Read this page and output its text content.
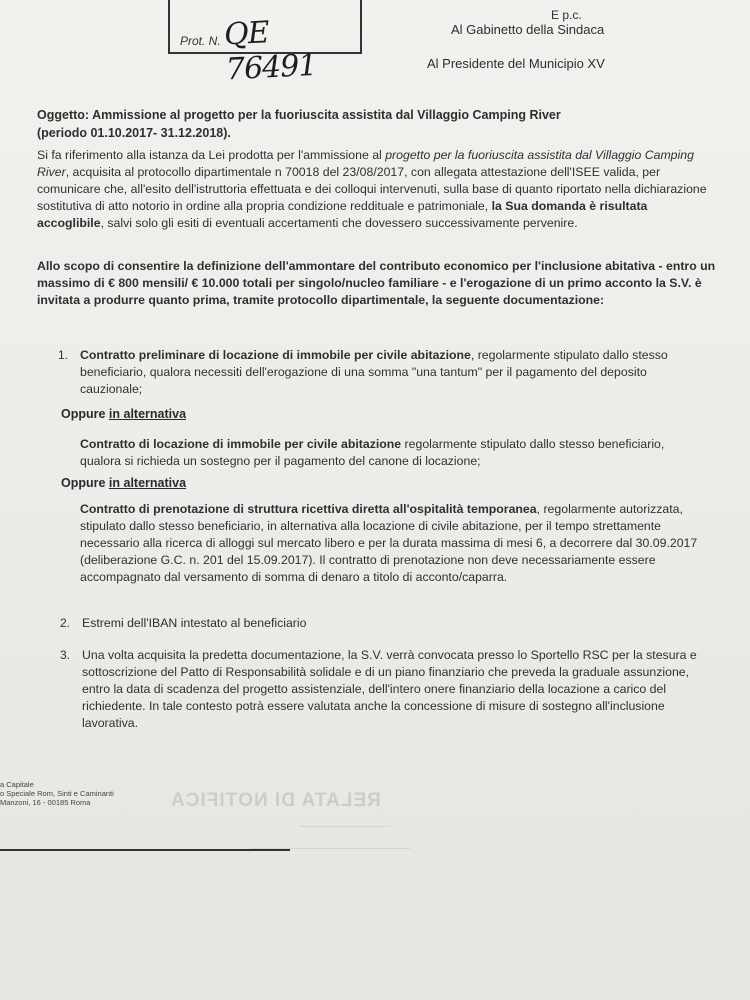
Prot. N. QE 76491
E p.c.
Al Gabinetto della Sindaca
Al Presidente del Municipio XV
Oggetto: Ammissione al progetto per la fuoriuscita assistita dal Villaggio Camping River
(periodo 01.10.2017- 31.12.2018).
Si fa riferimento alla istanza da Lei prodotta per l'ammissione al progetto per la fuoriuscita assistita dal Villaggio Camping River, acquisita al protocollo dipartimentale n 70018 del 23/08/2017, con allegata attestazione dell'ISEE valida, per comunicare che, all'esito dell'istruttoria effettuata e dei colloqui intervenuti, sulla base di quanto riportato nella dichiarazione sostitutiva di atto notorio in ordine alla propria condizione reddituale e patrimoniale, la Sua domanda è risultata accoglibile, salvi solo gli esiti di eventuali accertamenti che dovessero successivamente pervenire.
Allo scopo di consentire la definizione dell'ammontare del contributo economico per l'inclusione abitativa - entro un massimo di € 800 mensili/ € 10.000 totali per singolo/nucleo familiare - e l'erogazione di un primo acconto la S.V. è invitata a produrre quanto prima, tramite protocollo dipartimentale, la seguente documentazione:
1. Contratto preliminare di locazione di immobile per civile abitazione, regolarmente stipulato dallo stesso beneficiario, qualora necessiti dell'erogazione di una somma "una tantum" per il pagamento del deposito cauzionale;
Oppure in alternativa
Contratto di locazione di immobile per civile abitazione regolarmente stipulato dallo stesso beneficiario, qualora si richieda un sostegno per il pagamento del canone di locazione;
Oppure in alternativa
Contratto di prenotazione di struttura ricettiva diretta all'ospitalità temporanea, regolarmente autorizzata, stipulato dallo stesso beneficiario, in alternativa alla locazione di civile abitazione, per il tempo strettamente necessario alla ricerca di alloggi sul mercato libero e per la durata massima di mesi 6, a decorrere dal 30.09.2017 (deliberazione G.C. n. 201 del 15.09.2017). Il contratto di prenotazione non deve necessariamente essere accompagnato dal versamento di somma di denaro a titolo di acconto/caparra.
2. Estremi dell'IBAN intestato al beneficiario
3. Una volta acquisita la predetta documentazione, la S.V. verrà convocata presso lo Sportello RSC per la stesura e sottoscrizione del Patto di Responsabilità solidale e di un piano finanziario che preveda la graduale assunzione, entro la data di scadenza del progetto assistenziale, dell'intero onere finanziario della locazione a carico del richiedente. In tale contesto potrà essere valutata anche la concessione di misure di sostegno all'inclusione lavorativa.
RELATA DI NOTIFICA
a Capitale
o Speciale Rom, Sinti e Caminanti
Manzoni, 16 - 00185 Roma
